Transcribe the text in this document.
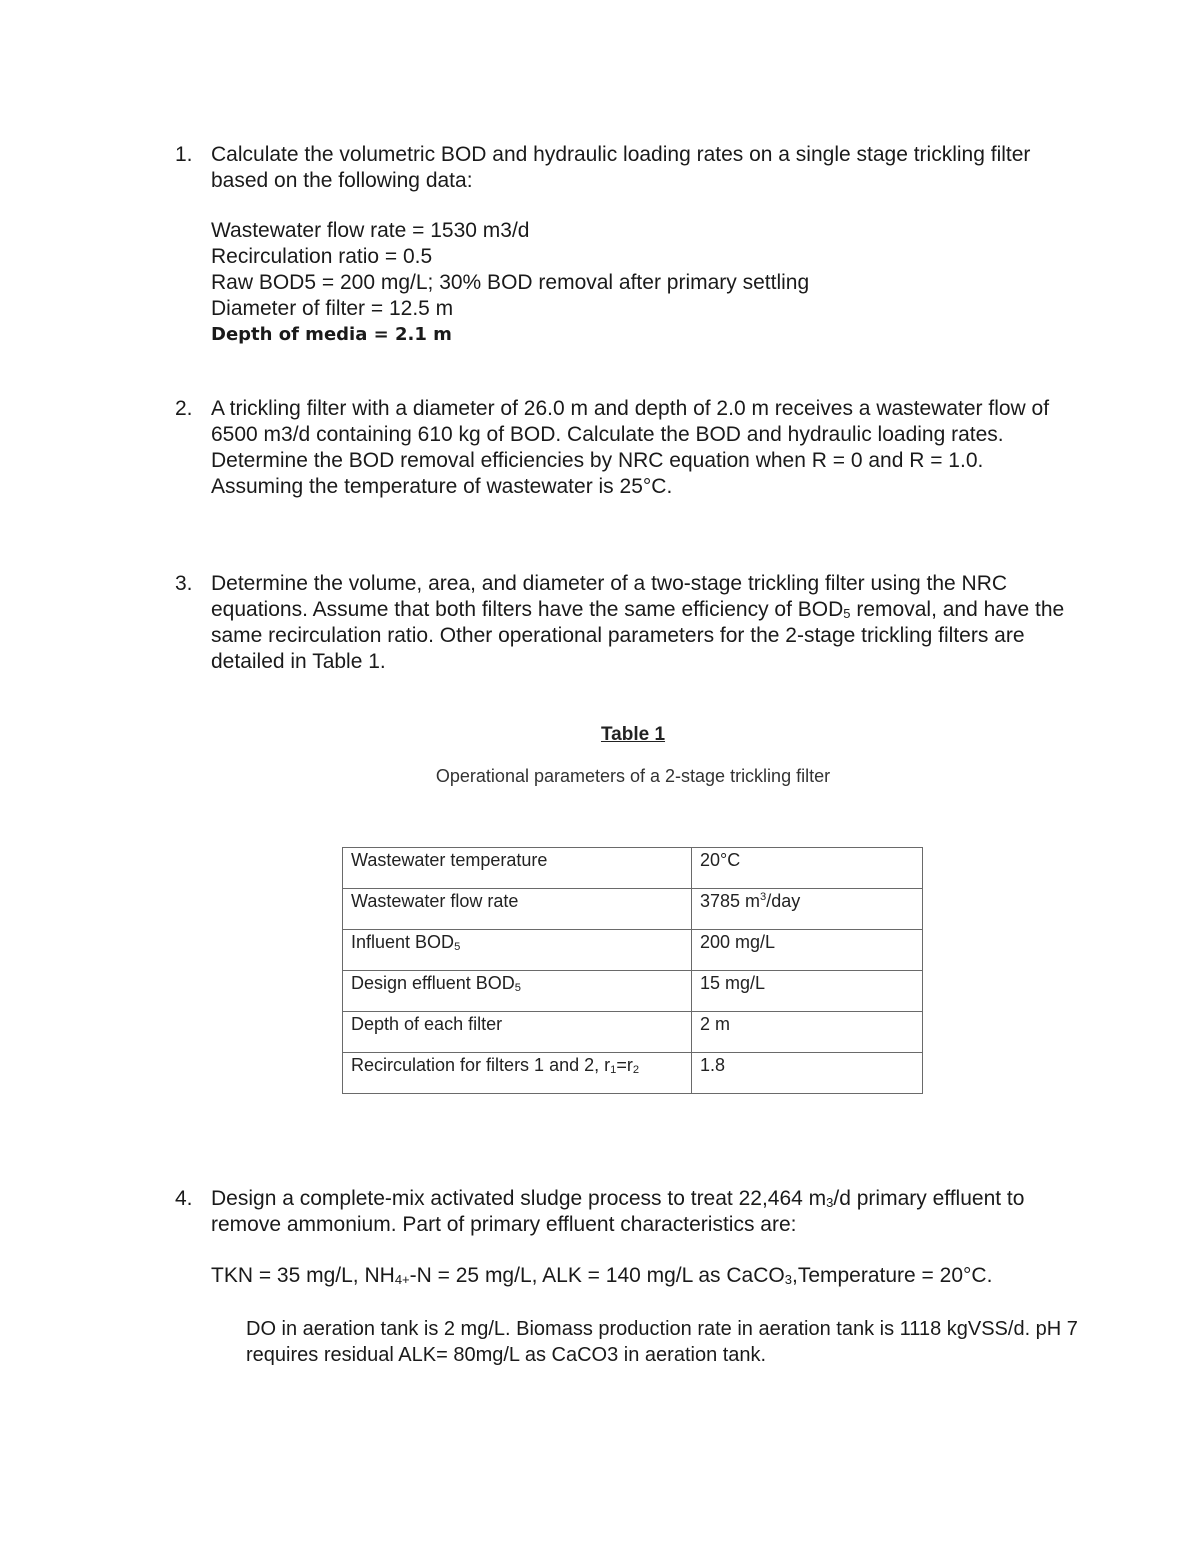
1. Calculate the volumetric BOD and hydraulic loading rates on a single stage trickling filter based on the following data:

Wastewater flow rate = 1530 m3/d

Recirculation ratio = 0.5

Raw BOD5 = 200 mg/L; 30% BOD removal after primary settling

Diameter of filter = 12.5 m

Depth of media = 2.1 m

2. A trickling filter with a diameter of 26.0 m and depth of 2.0 m receives a wastewater flow of 6500 m3/d containing 610 kg of BOD. Calculate the BOD and hydraulic loading rates. Determine the BOD removal efficiencies by NRC equation when R = 0 and R = 1.0. Assuming the temperature of wastewater is 25°C.

3. Determine the volume, area, and diameter of a two-stage trickling filter using the NRC equations. Assume that both filters have the same efficiency of $BOD_5$ removal, and have the same recirculation ratio. Other operational parameters for the 2-stage trickling filters are detailed in Table 1.

Table 1
Operational parameters of a 2-stage trickling filter
Wastewater temperature	20°C
Wastewater flow rate	3785 $m^3$/day
Influent $BOD_5$	200 mg/L
Design effluent $BOD_5$	15 mg/L
Depth of each filter	2 m
Recirculation for filters 1 and 2, $r_1=r_2$	1.8
4. Design a complete-mix activated sludge process to treat 22,464 $m_3/d$ primary effluent to remove ammonium. Part of primary effluent characteristics are:

TKN = 35 mg/L, $NH_{4+}-N = 25$ mg/L, ALK = 140 mg/L as CaCO$_3$,Temperature = 20°C.

DO in aeration tank is 2 mg/L. Biomass production rate in aeration tank is 1118 kgVSS/d. pH 7 requires residual ALK= 80mg/L as CaCO3 in aeration tank.
